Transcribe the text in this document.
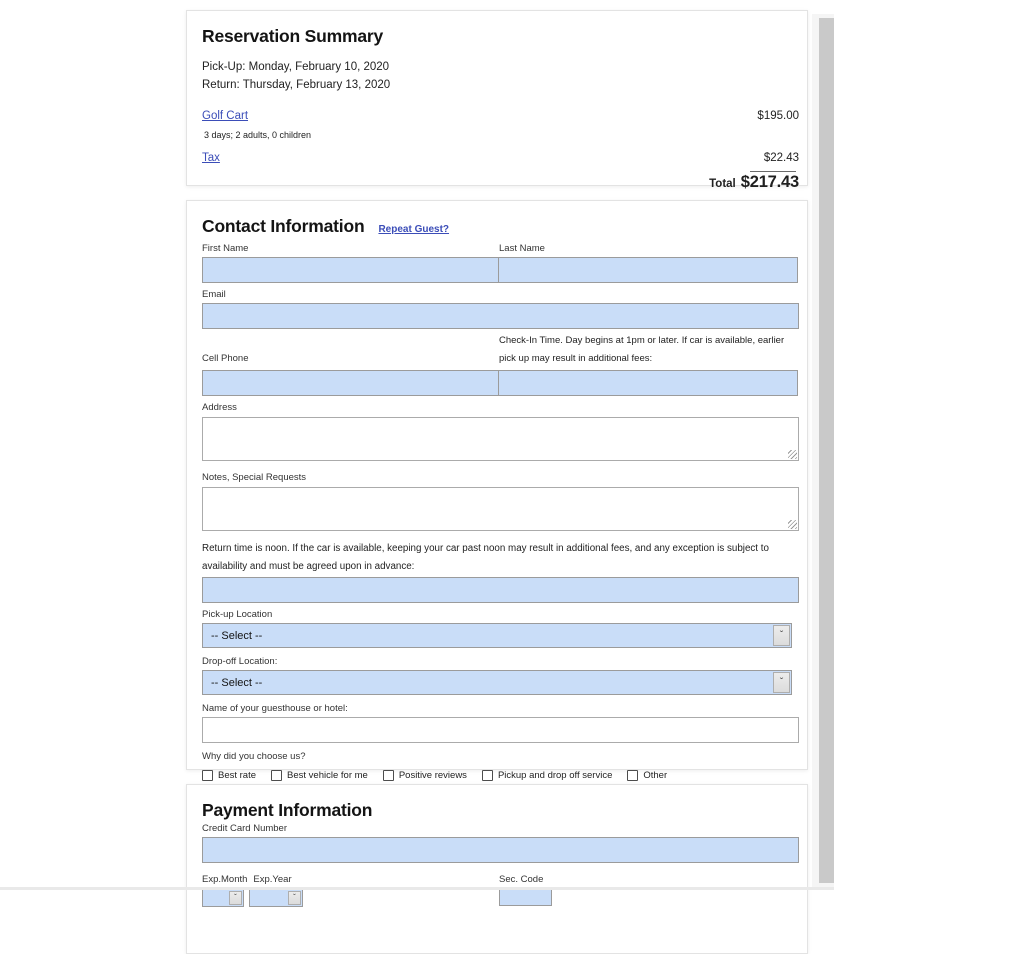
Reservation Summary
Pick-Up: Monday, February 10, 2020
Return: Thursday, February 13, 2020
Golf Cart	$195.00
3 days; 2 adults, 0 children
Tax	$22.43
Total $217.43
Contact Information Repeat Guest?
First Name	Last Name
Email
Cell Phone
Check-In Time. Day begins at 1pm or later. If car is available, earlier pick up may result in additional fees:
Address
Notes, Special Requests
Return time is noon. If the car is available, keeping your car past noon may result in additional fees, and any exception is subject to availability and must be agreed upon in advance:
Pick-up Location
-- Select --	ˇ
Drop-off Location:
-- Select --	ˇ
Name of your guesthouse or hotel:
Why did you choose us?
Best rate	Best vehicle for me	Positive reviews	Pickup and drop off service	Other
Payment Information
Credit Card Number
Exp.Month Exp.Year	Sec. Code
ˇ	ˇ
